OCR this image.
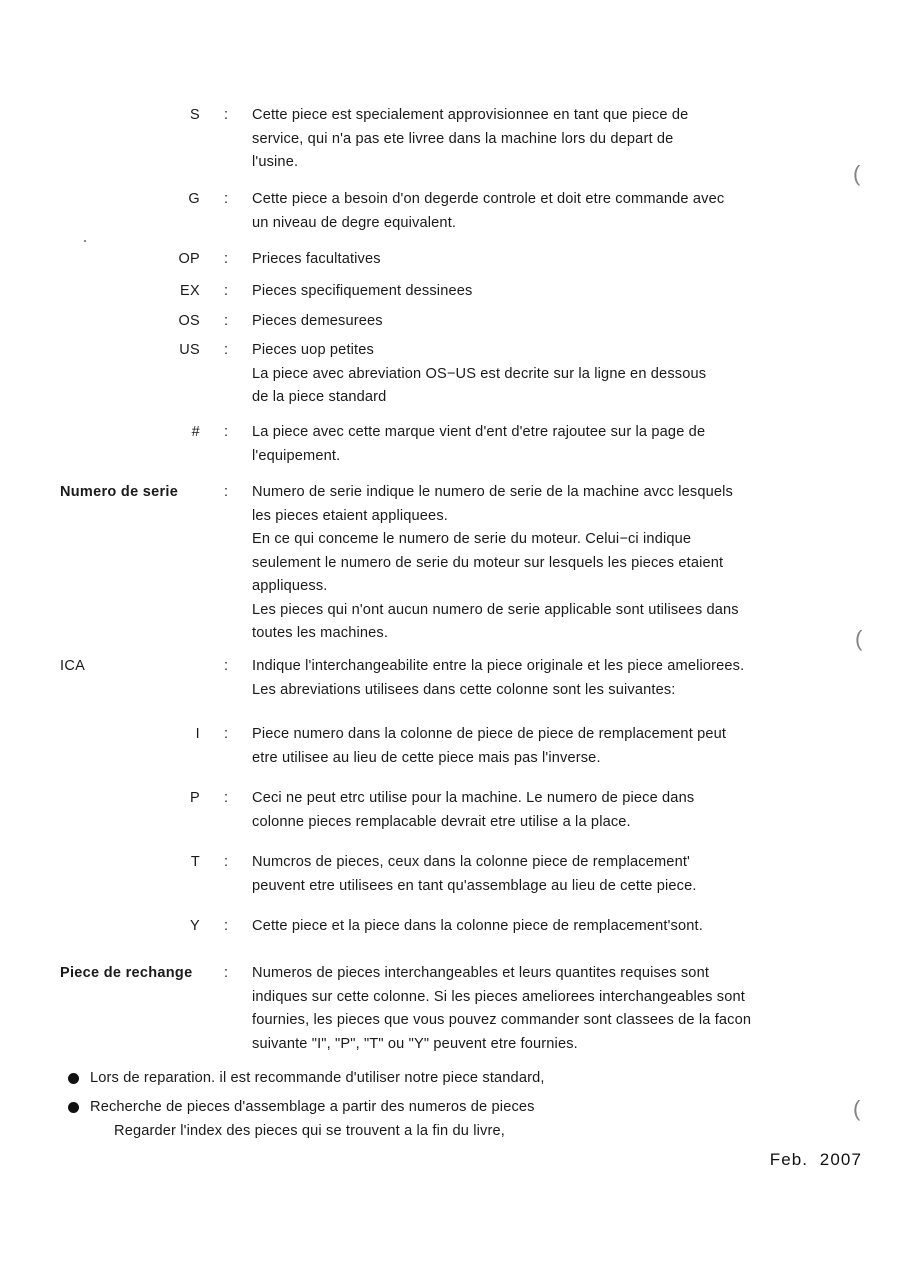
S	:	Cette piece est specialement approvisionnee en tant que piece de
service, qui n'a pas ete livree dans la machine lors du depart de
l'usine.
G	:	Cette piece a besoin d'on degerde controle et doit etre commande avec
un niveau de degre equivalent.
OP	:	Prieces facultatives
EX	:	Pieces specifiquement dessinees
OS	:	Pieces demesurees
US	:	Pieces uop petites
La piece avec abreviation OS−US est decrite sur la ligne en dessous
de la piece standard
#	:	La piece avec cette marque vient d'ent d'etre rajoutee sur la page de
l'equipement.
Numero de serie	:	Numero de serie indique le numero de serie de la machine avcc lesquels
les pieces etaient appliquees.
En ce qui conceme le numero de serie du moteur. Celui−ci indique
seulement le numero de serie du moteur sur lesquels les pieces etaient
appliquess.
Les pieces qui n'ont aucun numero de serie applicable sont utilisees dans
toutes les machines.
ICA	:	Indique l'interchangeabilite entre la piece originale et les piece ameliorees.
Les abreviations utilisees dans cette colonne sont les suivantes:
I	:	Piece numero dans la colonne de piece de piece de remplacement peut
etre utilisee au lieu de cette piece mais pas l'inverse.
P	:	Ceci ne peut etrc utilise pour la machine. Le numero de piece dans
colonne pieces remplacable devrait etre utilise a la place.
T	:	Numcros de pieces, ceux dans la colonne piece de remplacement'
peuvent etre utilisees en tant qu'assemblage au lieu de cette piece.
Y	:	Cette piece et la piece dans la colonne piece de remplacement'sont.
Piece de rechange	:	Numeros de pieces interchangeables et leurs quantites requises sont
indiques sur cette colonne. Si les pieces ameliorees interchangeables sont
fournies, les pieces que vous pouvez commander sont classees de la facon
suivante "I", "P", "T" ou "Y" peuvent etre fournies.
Lors de reparation. il est recommande d'utiliser notre piece standard,
Recherche de pieces d'assemblage a partir des numeros de pieces
Regarder l'index des pieces qui se trouvent a la fin du livre,
Feb.  2007
(
(
(
